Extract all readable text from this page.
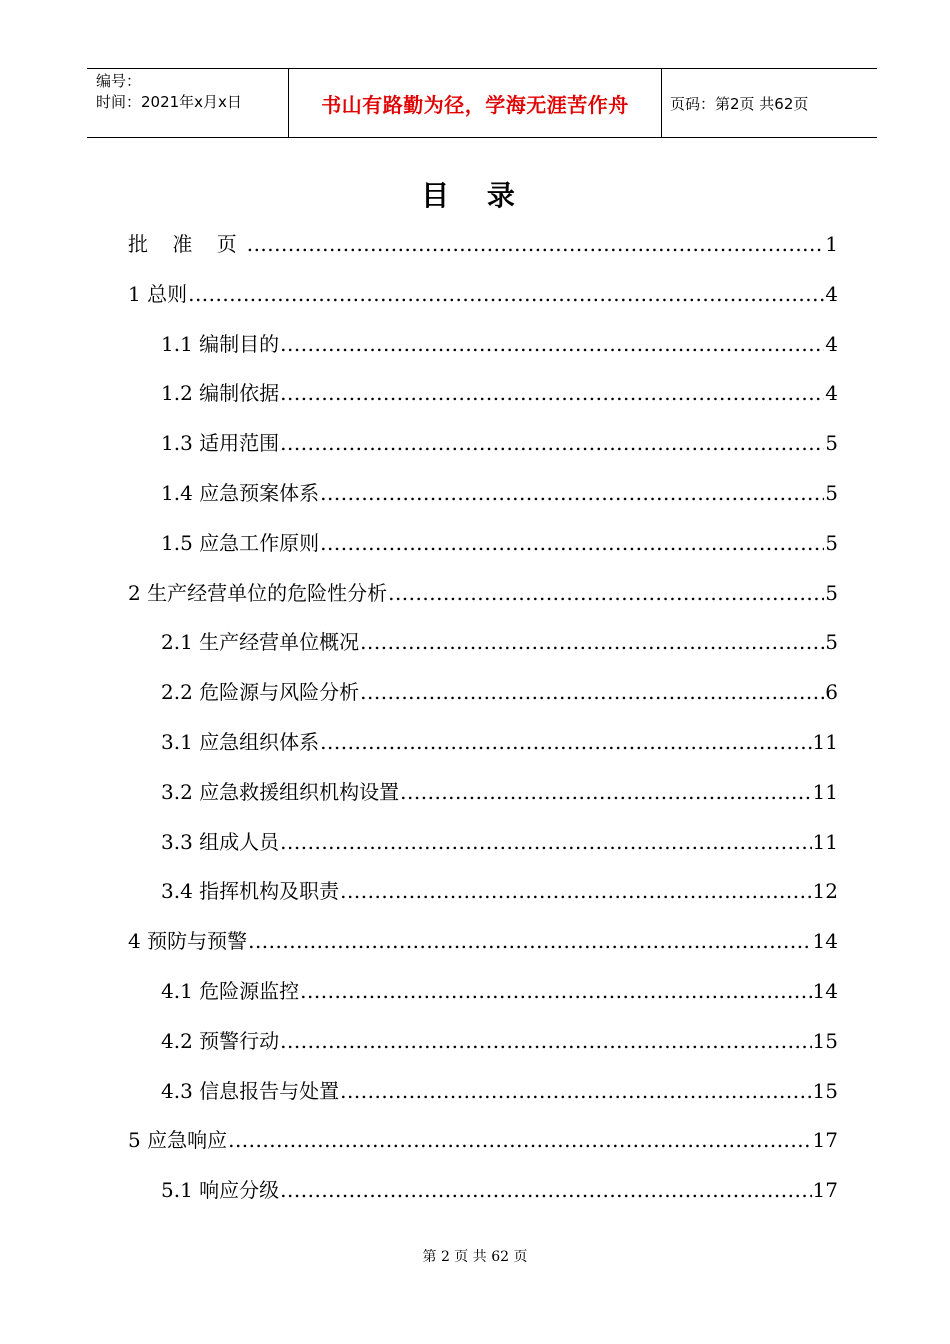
编号：
时间：2021年x月x日	书山有路勤为径，学海无涯苦作舟	页码：第2页 共62页
目 录
批 准 页 .....	1
1 总则 .....	4
1.1 编制目的 .....	4
1.2 编制依据 .....	4
1.3 适用范围 .....	5
1.4 应急预案体系 .....	5
1.5 应急工作原则 .....	5
2 生产经营单位的危险性分析 .....	5
2.1 生产经营单位概况 .....	5
2.2 危险源与风险分析 .....	6
3.1 应急组织体系 .....	11
3.2 应急救援组织机构设置 .....	11
3.3 组成人员 .....	11
3.4 指挥机构及职责 .....	12
4 预防与预警 .....	14
4.1 危险源监控 .....	14
4.2 预警行动 .....	15
4.3 信息报告与处置 .....	15
5 应急响应 .....	17
5.1 响应分级 .....	17
第 2 页 共 62 页
